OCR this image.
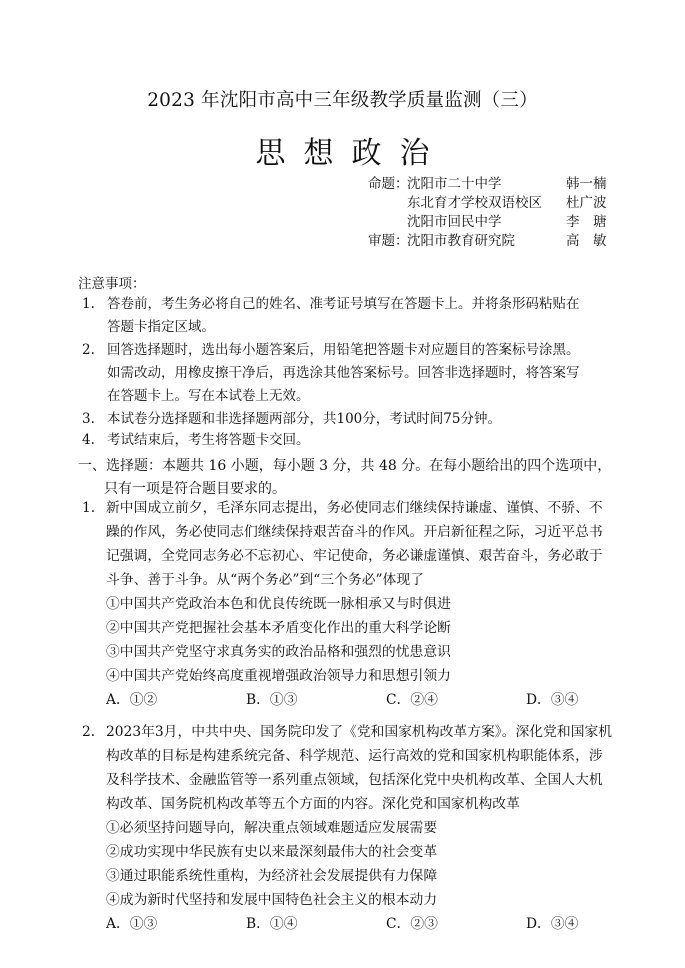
2023 年沈阳市高中三年级教学质量监测（三）
思想政治
命题：
沈阳市二十中学	韩一楠
东北育才学校双语校区 杜广波
沈阳市回民中学	李　瑭
审题：
沈阳市教育研究院	高　敏
注意事项：
1. 答卷前，考生务必将自己的姓名、准考证号填写在答题卡上。并将条形码粘贴在
答题卡指定区域。
2. 回答选择题时，选出每小题答案后，用铅笔把答题卡对应题目的答案标号涂黑。
如需改动，用橡皮擦干净后，再选涂其他答案标号。回答非选择题时，将答案写
在答题卡上。写在本试卷上无效。
3. 本试卷分选择题和非选择题两部分，共100分，考试时间75分钟。
4. 考试结束后，考生将答题卡交回。
一、选择题：本题共 16 小题，每小题 3 分，共 48 分。在每小题给出的四个选项中，
只有一项是符合题目要求的。
1. 新中国成立前夕，毛泽东同志提出，务必使同志们继续保持谦虚、谨慎、不骄、不
躁的作风，务必使同志们继续保持艰苦奋斗的作风。开启新征程之际，习近平总书
记强调，全党同志务必不忘初心、牢记使命，务必谦虚谨慎、艰苦奋斗，务必敢于
斗争、善于斗争。从“两个务必”到“三个务必”体现了
①中国共产党政治本色和优良传统既一脉相承又与时俱进
②中国共产党把握社会基本矛盾变化作出的重大科学论断
③中国共产党坚守求真务实的政治品格和强烈的忧患意识
④中国共产党始终高度重视增强政治领导力和思想引领力
A．①②	B．①③	C．②④	D．③④
2． 2023年3月，中共中央、国务院印发了《党和国家机构改革方案》。深化党和国家机
构改革的目标是构建系统完备、科学规范、运行高效的党和国家机构职能体系，涉
及科学技术、金融监管等一系列重点领域，包括深化党中央机构改革、全国人大机
构改革、国务院机构改革等五个方面的内容。深化党和国家机构改革
①必须坚持问题导向，解决重点领域难题适应发展需要
②成功实现中华民族有史以来最深刻最伟大的社会变革
③通过职能系统性重构，为经济社会发展提供有力保障
④成为新时代坚持和发展中国特色社会主义的根本动力
A．①③	B．①④	C．②③	D．③④
